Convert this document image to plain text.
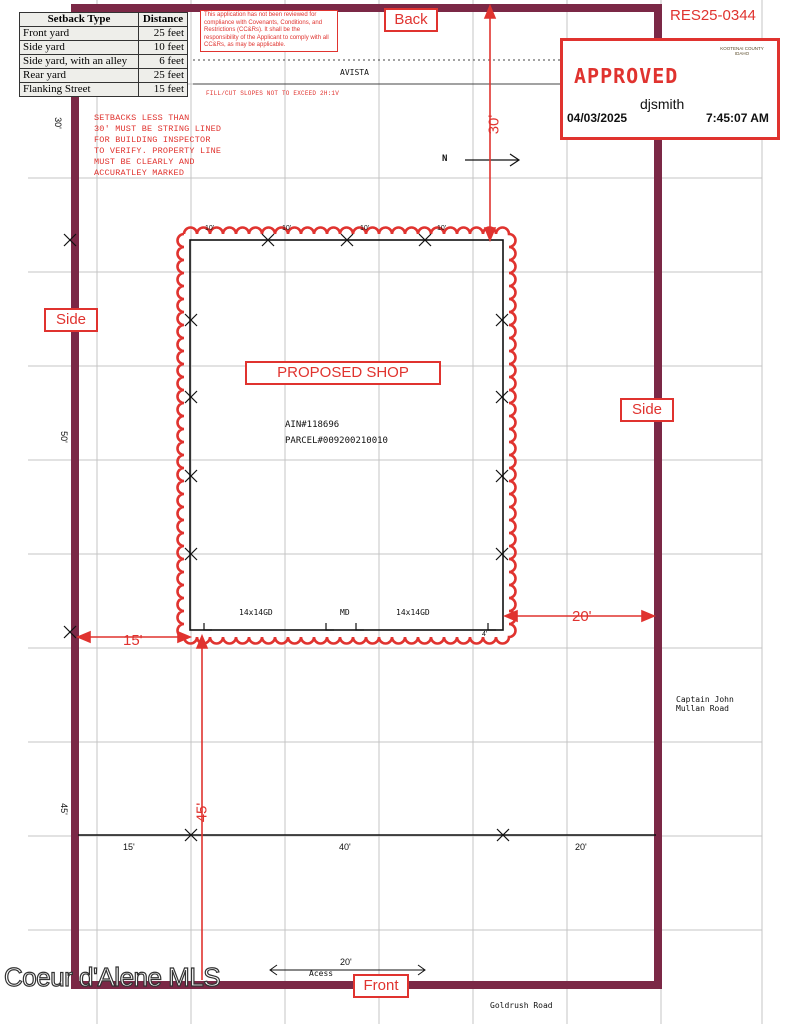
Setback Type	Distance
Front yard	25 feet
Side yard	10 feet
Side yard, with an alley	6 feet
Rear yard	25 feet
Flanking Street	15 feet
This application has not been reviewed for compliance with Covenants, Conditions, and Restrictions (CC&Rs). It shall be the responsibility of the Applicant to comply with all CC&Rs, as may be applicable.
FILL/CUT SLOPES NOT TO EXCEED 2H:1V
SETBACKS LESS THAN
30' MUST BE STRING LINED
FOR BUILDING INSPECTOR
TO VERIFY. PROPERTY LINE
MUST BE CLEARLY AND
ACCURATLEY MARKED
Back
Side
Side
PROPOSED SHOP
Front
RES25-0344
APPROVED
djsmith
04/03/2025	7:45:07 AM
KOOTENAI COUNTY IDAHO
AVISTA
N
AIN#118696
PARCEL#009200210010
14x14GD	MD	14x14GD
Captain John
Mullan Road
Goldrush Road
Acess
30'
15'
20'
45'
30'
50'
45'
15'	40'	20'
20'
10'	10'	10'	10'
4'
Coeur d'Alene MLS
